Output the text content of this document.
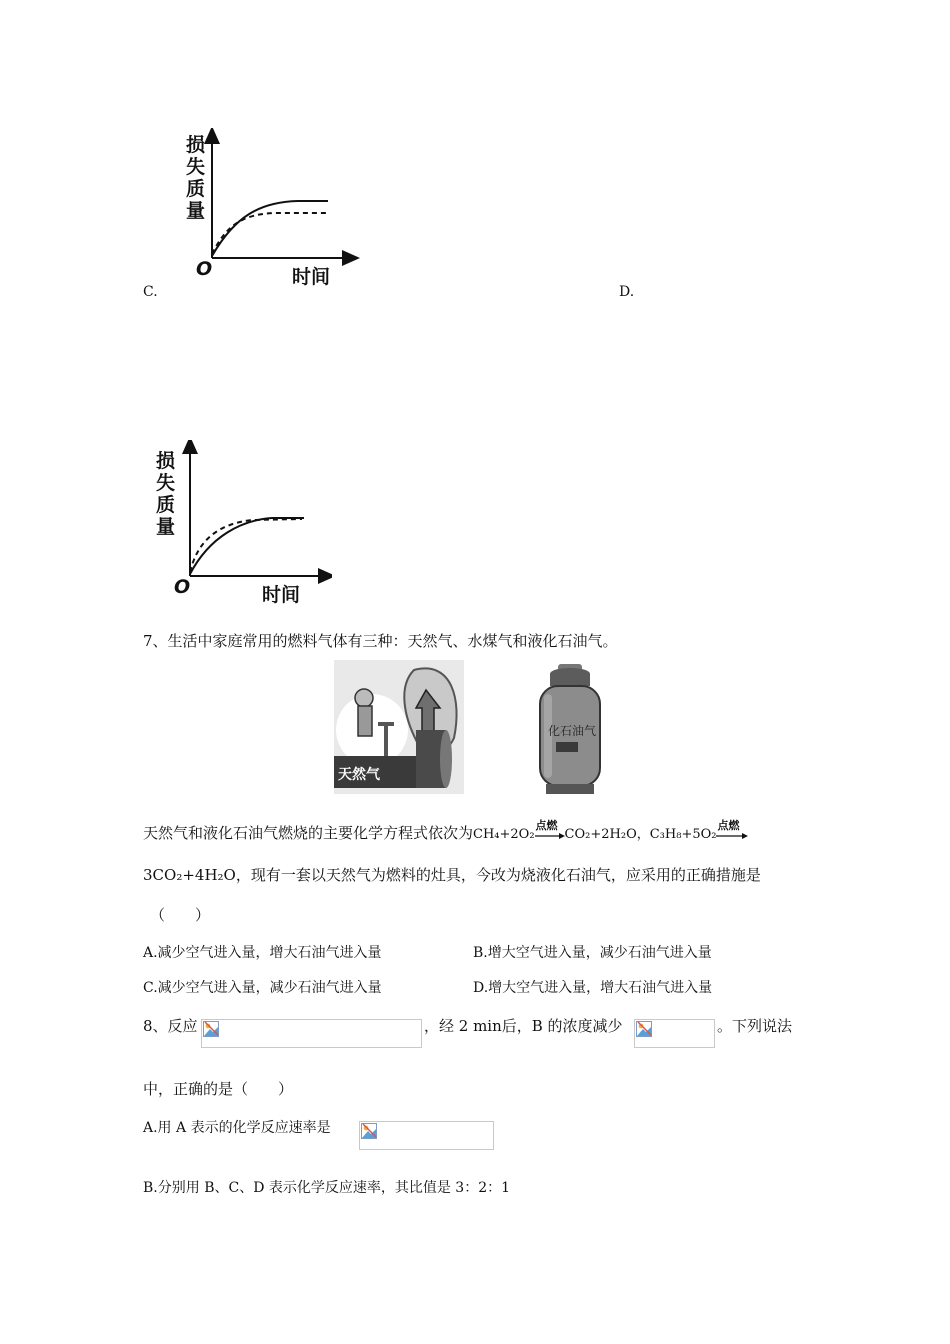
损失质量
O	时间
C.	D.
损失质量
O	时间
7、生活中家庭常用的燃料气体有三种：天然气、水煤气和液化石油气。
天然气
化石油气
天然气和液化石油气燃烧的主要化学方程式依次为CH₄+2O₂
点燃
CO₂+2H₂O，C₃H₈+5O₂
点燃
3CO₂+4H₂O，现有一套以天然气为燃料的灶具，今改为烧液化石油气，应采用的正确措施是
（　　）
A.减少空气进入量，增大石油气进入量	B.增大空气进入量，减少石油气进入量
C.减少空气进入量，减少石油气进入量	D.增大空气进入量，增大石油气进入量
8、反应	，经 2 min后，B 的浓度减少	。下列说法
中，正确的是（　　）
A.用 A 表示的化学反应速率是
B.分别用 B、C、D 表示化学反应速率，其比值是 3：2：1
